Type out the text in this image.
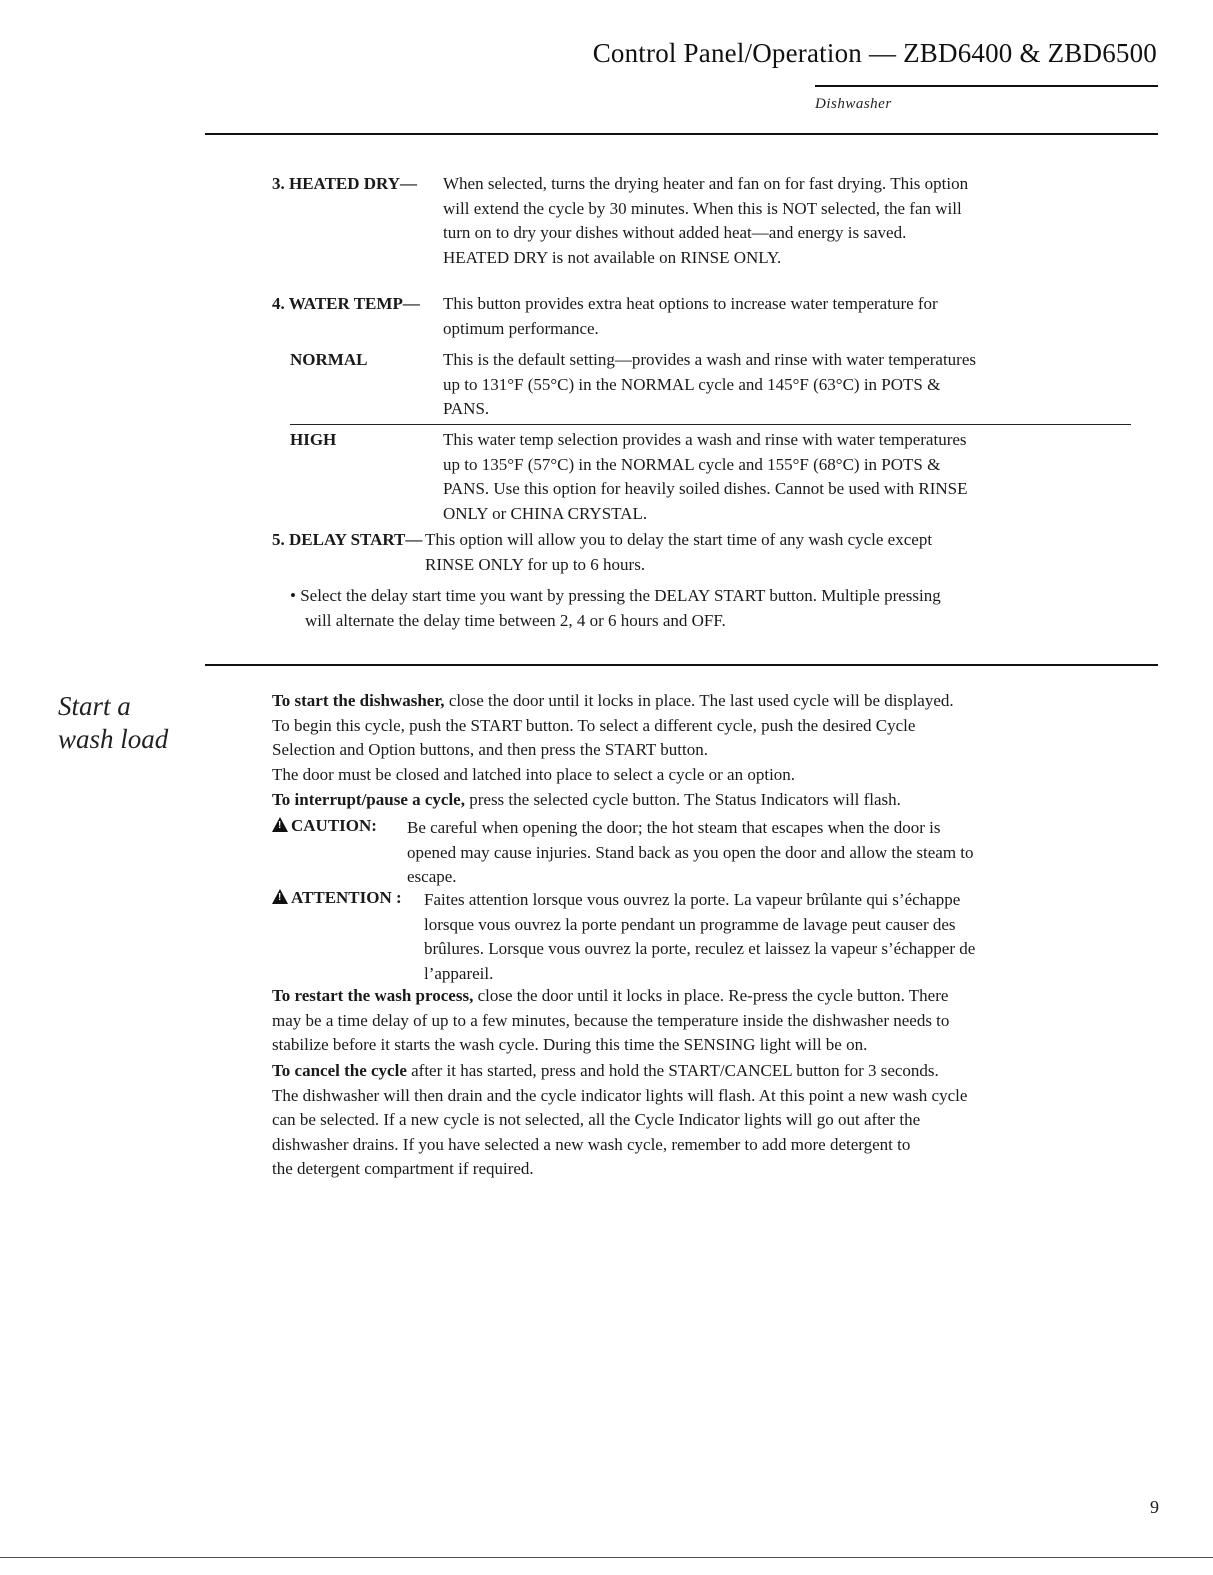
Control Panel/Operation — ZBD6400 & ZBD6500
Dishwasher
3. HEATED DRY— When selected, turns the drying heater and fan on for fast drying. This option
will extend the cycle by 30 minutes. When this is NOT selected, the fan will
turn on to dry your dishes without added heat—and energy is saved.
HEATED DRY is not available on RINSE ONLY.
4. WATER TEMP— This button provides extra heat options to increase water temperature for
optimum performance.
NORMAL	This is the default setting—provides a wash and rinse with water temperatures
up to 131°F (55°C) in the NORMAL cycle and 145°F (63°C) in POTS &
PANS.
HIGH	This water temp selection provides a wash and rinse with water temperatures
up to 135°F (57°C) in the NORMAL cycle and 155°F (68°C) in POTS &
PANS. Use this option for heavily soiled dishes. Cannot be used with RINSE
ONLY or CHINA CRYSTAL.
5. DELAY START— This option will allow you to delay the start time of any wash cycle except
RINSE ONLY for up to 6 hours.
• Select the delay start time you want by pressing the DELAY START button. Multiple pressing
will alternate the delay time between 2, 4 or 6 hours and OFF.
Start a
wash load
To start the dishwasher, close the door until it locks in place. The last used cycle will be displayed.
To begin this cycle, push the START button. To select a different cycle, push the desired Cycle
Selection and Option buttons, and then press the START button.
The door must be closed and latched into place to select a cycle or an option.
To interrupt/pause a cycle, press the selected cycle button. The Status Indicators will flash.
!CAUTION: Be careful when opening the door; the hot steam that escapes when the door is
opened may cause injuries. Stand back as you open the door and allow the steam to
escape.
!ATTENTION : Faites attention lorsque vous ouvrez la porte. La vapeur brûlante qui s’échappe
lorsque vous ouvrez la porte pendant un programme de lavage peut causer des
brûlures. Lorsque vous ouvrez la porte, reculez et laissez la vapeur s’échapper de
l’appareil.
To restart the wash process, close the door until it locks in place. Re-press the cycle button. There
may be a time delay of up to a few minutes, because the temperature inside the dishwasher needs to
stabilize before it starts the wash cycle. During this time the SENSING light will be on.
To cancel the cycle after it has started, press and hold the START/CANCEL button for 3 seconds.
The dishwasher will then drain and the cycle indicator lights will flash. At this point a new wash cycle
can be selected. If a new cycle is not selected, all the Cycle Indicator lights will go out after the
dishwasher drains. If you have selected a new wash cycle, remember to add more detergent to
the detergent compartment if required.
9
